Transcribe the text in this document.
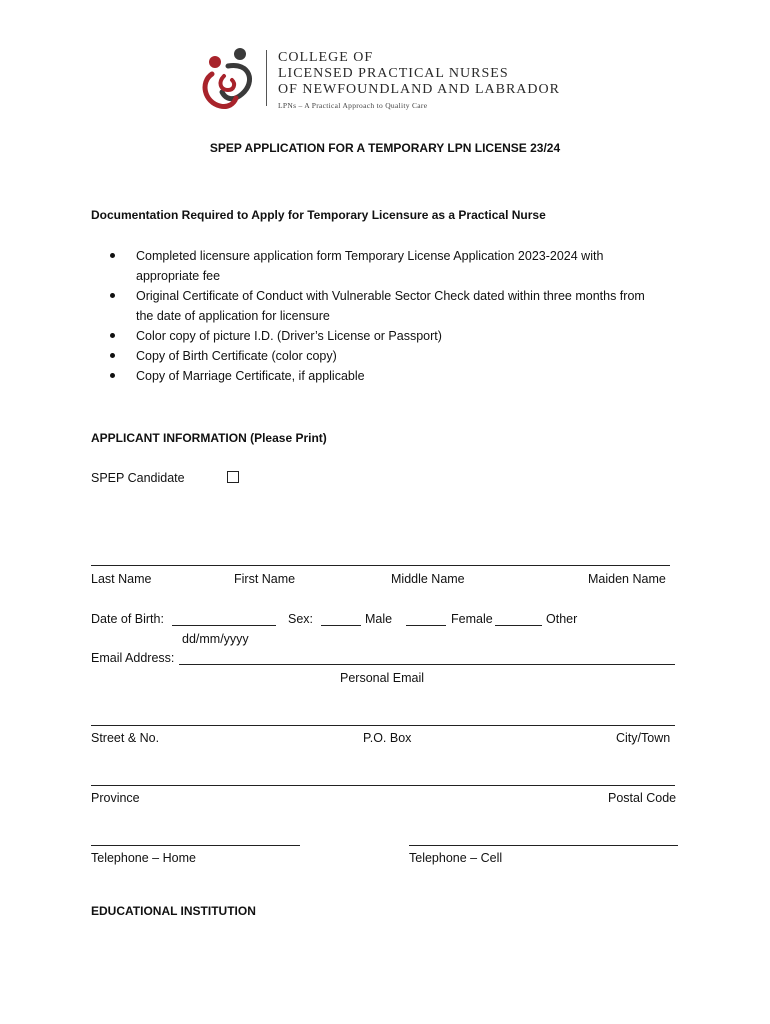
COLLEGE OF
LICENSED PRACTICAL NURSES
OF NEWFOUNDLAND AND LABRADOR
LPNs – A Practical Approach to Quality Care
SPEP APPLICATION FOR A TEMPORARY LPN LICENSE 23/24
Documentation Required to Apply for Temporary Licensure as a Practical Nurse
Completed licensure application form Temporary License Application 2023-2024 with
appropriate fee
Original Certificate of Conduct with Vulnerable Sector Check dated within three months from
the date of application for licensure
Color copy of picture I.D. (Driver’s License or Passport)
Copy of Birth Certificate (color copy)
Copy of Marriage Certificate, if applicable
APPLICANT INFORMATION (Please Print)
SPEP Candidate
Last Name	First Name	Middle Name	Maiden Name
Date of Birth:
dd/mm/yyyy
Sex:	Male	Female	Other
Email Address:
Personal Email
Street & No.	P.O. Box	City/Town
Province	Postal Code
Telephone – Home	Telephone – Cell
EDUCATIONAL INSTITUTION
